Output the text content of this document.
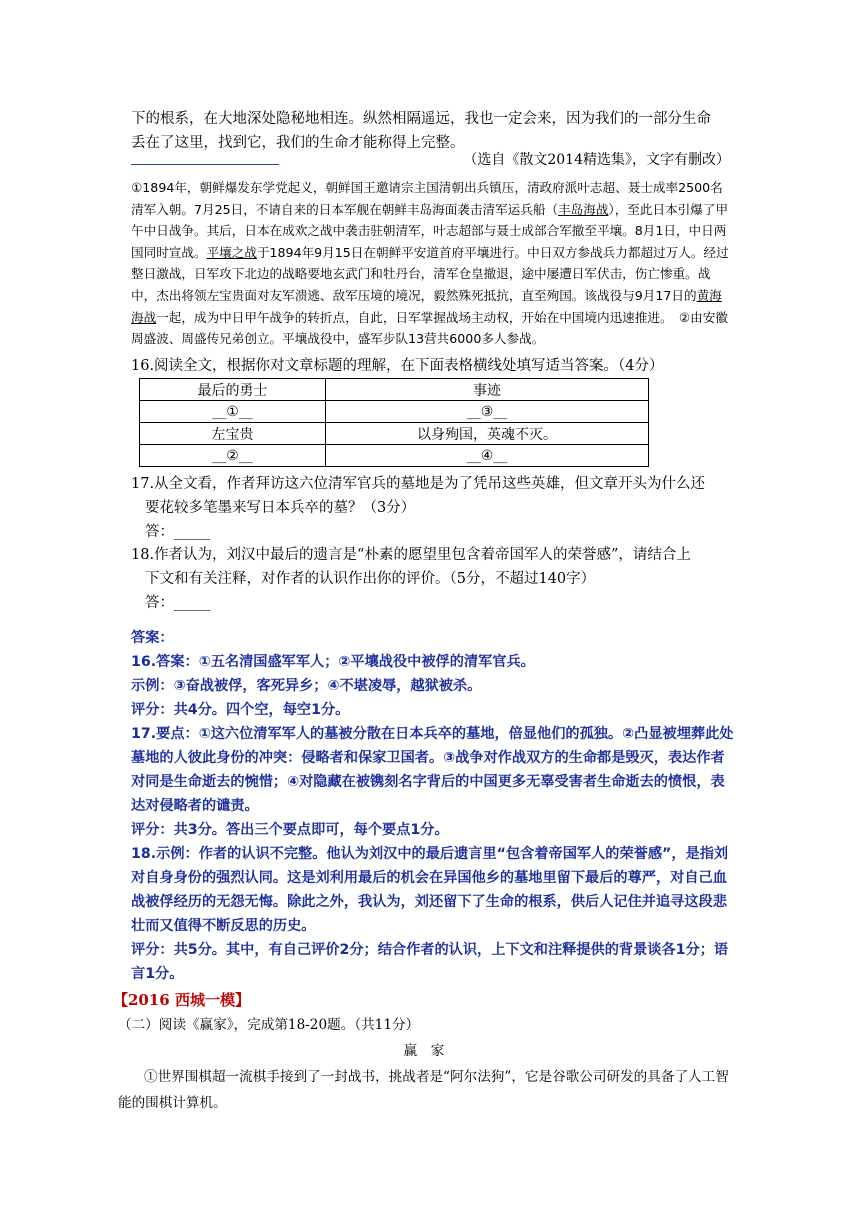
下的根系，在大地深处隐秘地相连。纵然相隔遥远，我也一定会来，因为我们的一部分生命
丢在了这里，找到它，我们的生命才能称得上完整。
（选自《散文2014精选集》，文字有删改）

①1894年，朝鲜爆发东学党起义，朝鲜国王邀请宗主国清朝出兵镇压，清政府派叶志超、聂士成率2500名清军入朝。7月25日，不请自来的日本军舰在朝鲜丰岛海面袭击清军运兵船（丰岛海战），至此日本引爆了甲午中日战争。其后，日本在成欢之战中袭击驻朝清军，叶志超部与聂士成部合军撤至平壤。8月1日，中日两国同时宣战。平壤之战于1894年9月15日在朝鲜平安道首府平壤进行。中日双方参战兵力都超过万人。经过整日激战，日军攻下北边的战略要地玄武门和牡丹台，清军仓皇撤退，途中屡遭日军伏击，伤亡惨重。战中，杰出将领左宝贵面对友军溃逃、敌军压境的境况，毅然殊死抵抗，直至殉国。该战役与9月17日的黄海海战一起，成为中日甲午战争的转折点，自此，日军掌握战场主动权，开始在中国境内迅速推进。　②由安徽周盛波、周盛传兄弟创立。平壤战役中，盛军步队13营共6000多人参战。

16.阅读全文，根据你对文章标题的理解，在下面表格横线处填写适当答案。（4分）
最后的勇士	事迹
__①__	__③__
左宝贵	以身殉国，英魂不灭。
__②__	__④__
17.从全文看，作者拜访这六位清军官兵的墓地是为了凭吊这些英雄，但文章开头为什么还
要花较多笔墨来写日本兵卒的墓？（3分）
答：_____
18.作者认为，刘汉中最后的遗言是“朴素的愿望里包含着帝国军人的荣誉感”，请结合上
下文和有关注释，对作者的认识作出你的评价。（5分，不超过140字）
答：_____

答案：

16.答案：①五名清国盛军军人；②平壤战役中被俘的清军官兵。

示例：③奋战被俘，客死异乡；④不堪凌辱，越狱被杀。

评分：共4分。四个空，每空1分。

17.要点：①这六位清军军人的墓被分散在日本兵卒的墓地，倍显他们的孤独。②凸显被埋葬此处墓地的人彼此身份的冲突：侵略者和保家卫国者。③战争对作战双方的生命都是毁灭，表达作者对同是生命逝去的惋惜；④对隐藏在被镌刻名字背后的中国更多无辜受害者生命逝去的愤恨，表达对侵略者的谴责。

评分：共3分。答出三个要点即可，每个要点1分。

18.示例：作者的认识不完整。他认为刘汉中的最后遗言里“包含着帝国军人的荣誉感”，是指刘对自身身份的强烈认同。这是刘利用最后的机会在异国他乡的墓地里留下最后的尊严，对自己血战被俘经历的无怨无悔。除此之外，我认为，刘还留下了生命的根系，供后人记住并追寻这段悲壮而又值得不断反思的历史。

评分：共5分。其中，有自己评价2分；结合作者的认识，上下文和注释提供的背景谈各1分；语言1分。

【2016 西城一模】
（二）阅读《赢家》，完成第18-20题。（共11分）
赢　家
①世界围棋超一流棋手接到了一封战书，挑战者是“阿尔法狗”，它是谷歌公司研发的具备了人工智能的围棋计算机。
